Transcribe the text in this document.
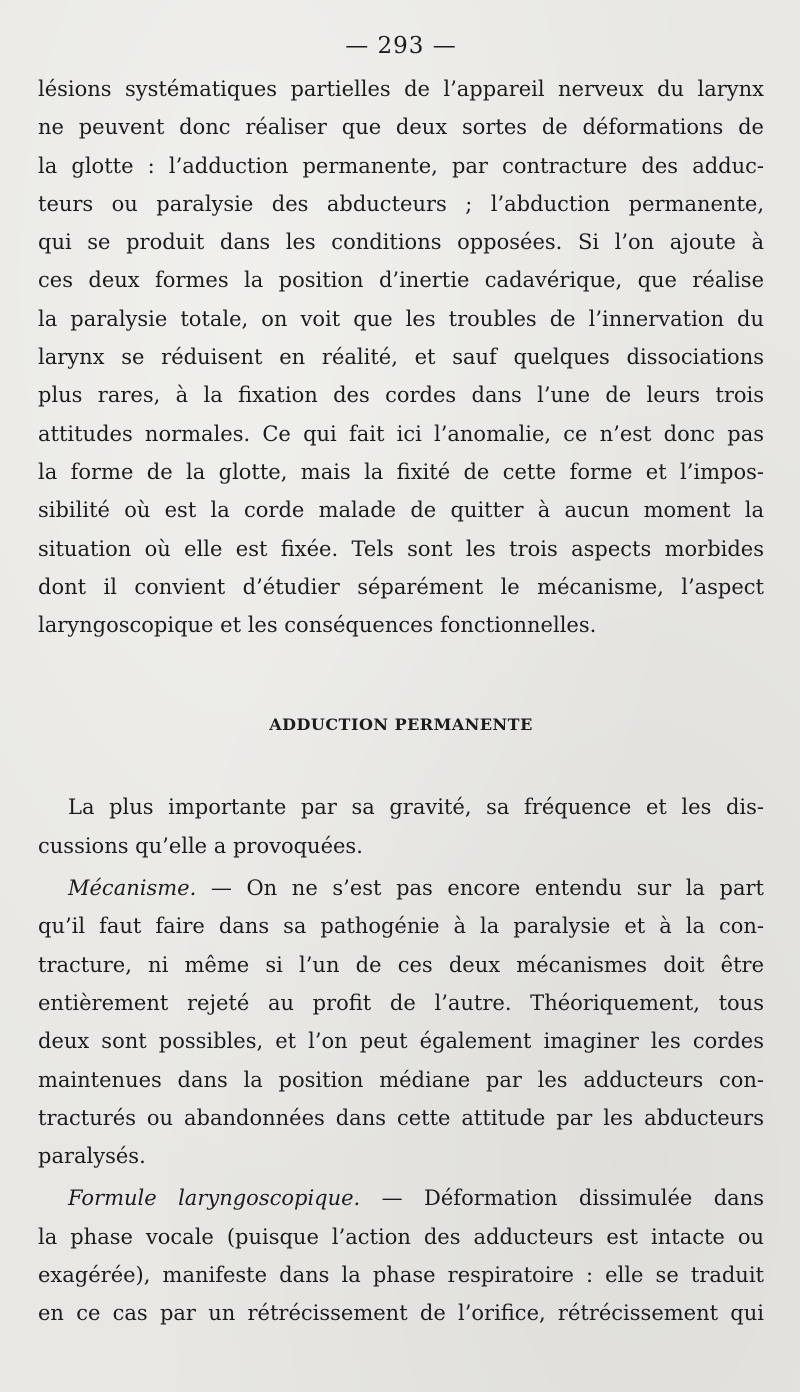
— 293 —

lésions systématiques partielles de l’appareil nerveux du larynx
ne peuvent donc réaliser que deux sortes de déformations de
la glotte : l’adduction permanente, par contracture des adduc-
teurs ou paralysie des abducteurs ; l’abduction permanente,
qui se produit dans les conditions opposées. Si l’on ajoute à
ces deux formes la position d’inertie cadavérique, que réalise
la paralysie totale, on voit que les troubles de l’innervation du
larynx se réduisent en réalité, et sauf quelques dissociations
plus rares, à la fixation des cordes dans l’une de leurs trois
attitudes normales. Ce qui fait ici l’anomalie, ce n’est donc pas
la forme de la glotte, mais la fixité de cette forme et l’impos-
sibilité où est la corde malade de quitter à aucun moment la
situation où elle est fixée. Tels sont les trois aspects morbides
dont il convient d’étudier séparément le mécanisme, l’aspect
laryngoscopique et les conséquences fonctionnelles.
ADDUCTION PERMANENTE
La plus importante par sa gravité, sa fréquence et les dis-
cussions qu’elle a provoquées.
Mécanisme. — On ne s’est pas encore entendu sur la part
qu’il faut faire dans sa pathogénie à la paralysie et à la con-
tracture, ni même si l’un de ces deux mécanismes doit être
entièrement rejeté au profit de l’autre. Théoriquement, tous
deux sont possibles, et l’on peut également imaginer les cordes
maintenues dans la position médiane par les adducteurs con-
tracturés ou abandonnées dans cette attitude par les abducteurs
paralysés.
Formule laryngoscopique. — Déformation dissimulée dans
la phase vocale (puisque l’action des adducteurs est intacte ou
exagérée), manifeste dans la phase respiratoire : elle se traduit
en ce cas par un rétrécissement de l’orifice, rétrécissement qui
